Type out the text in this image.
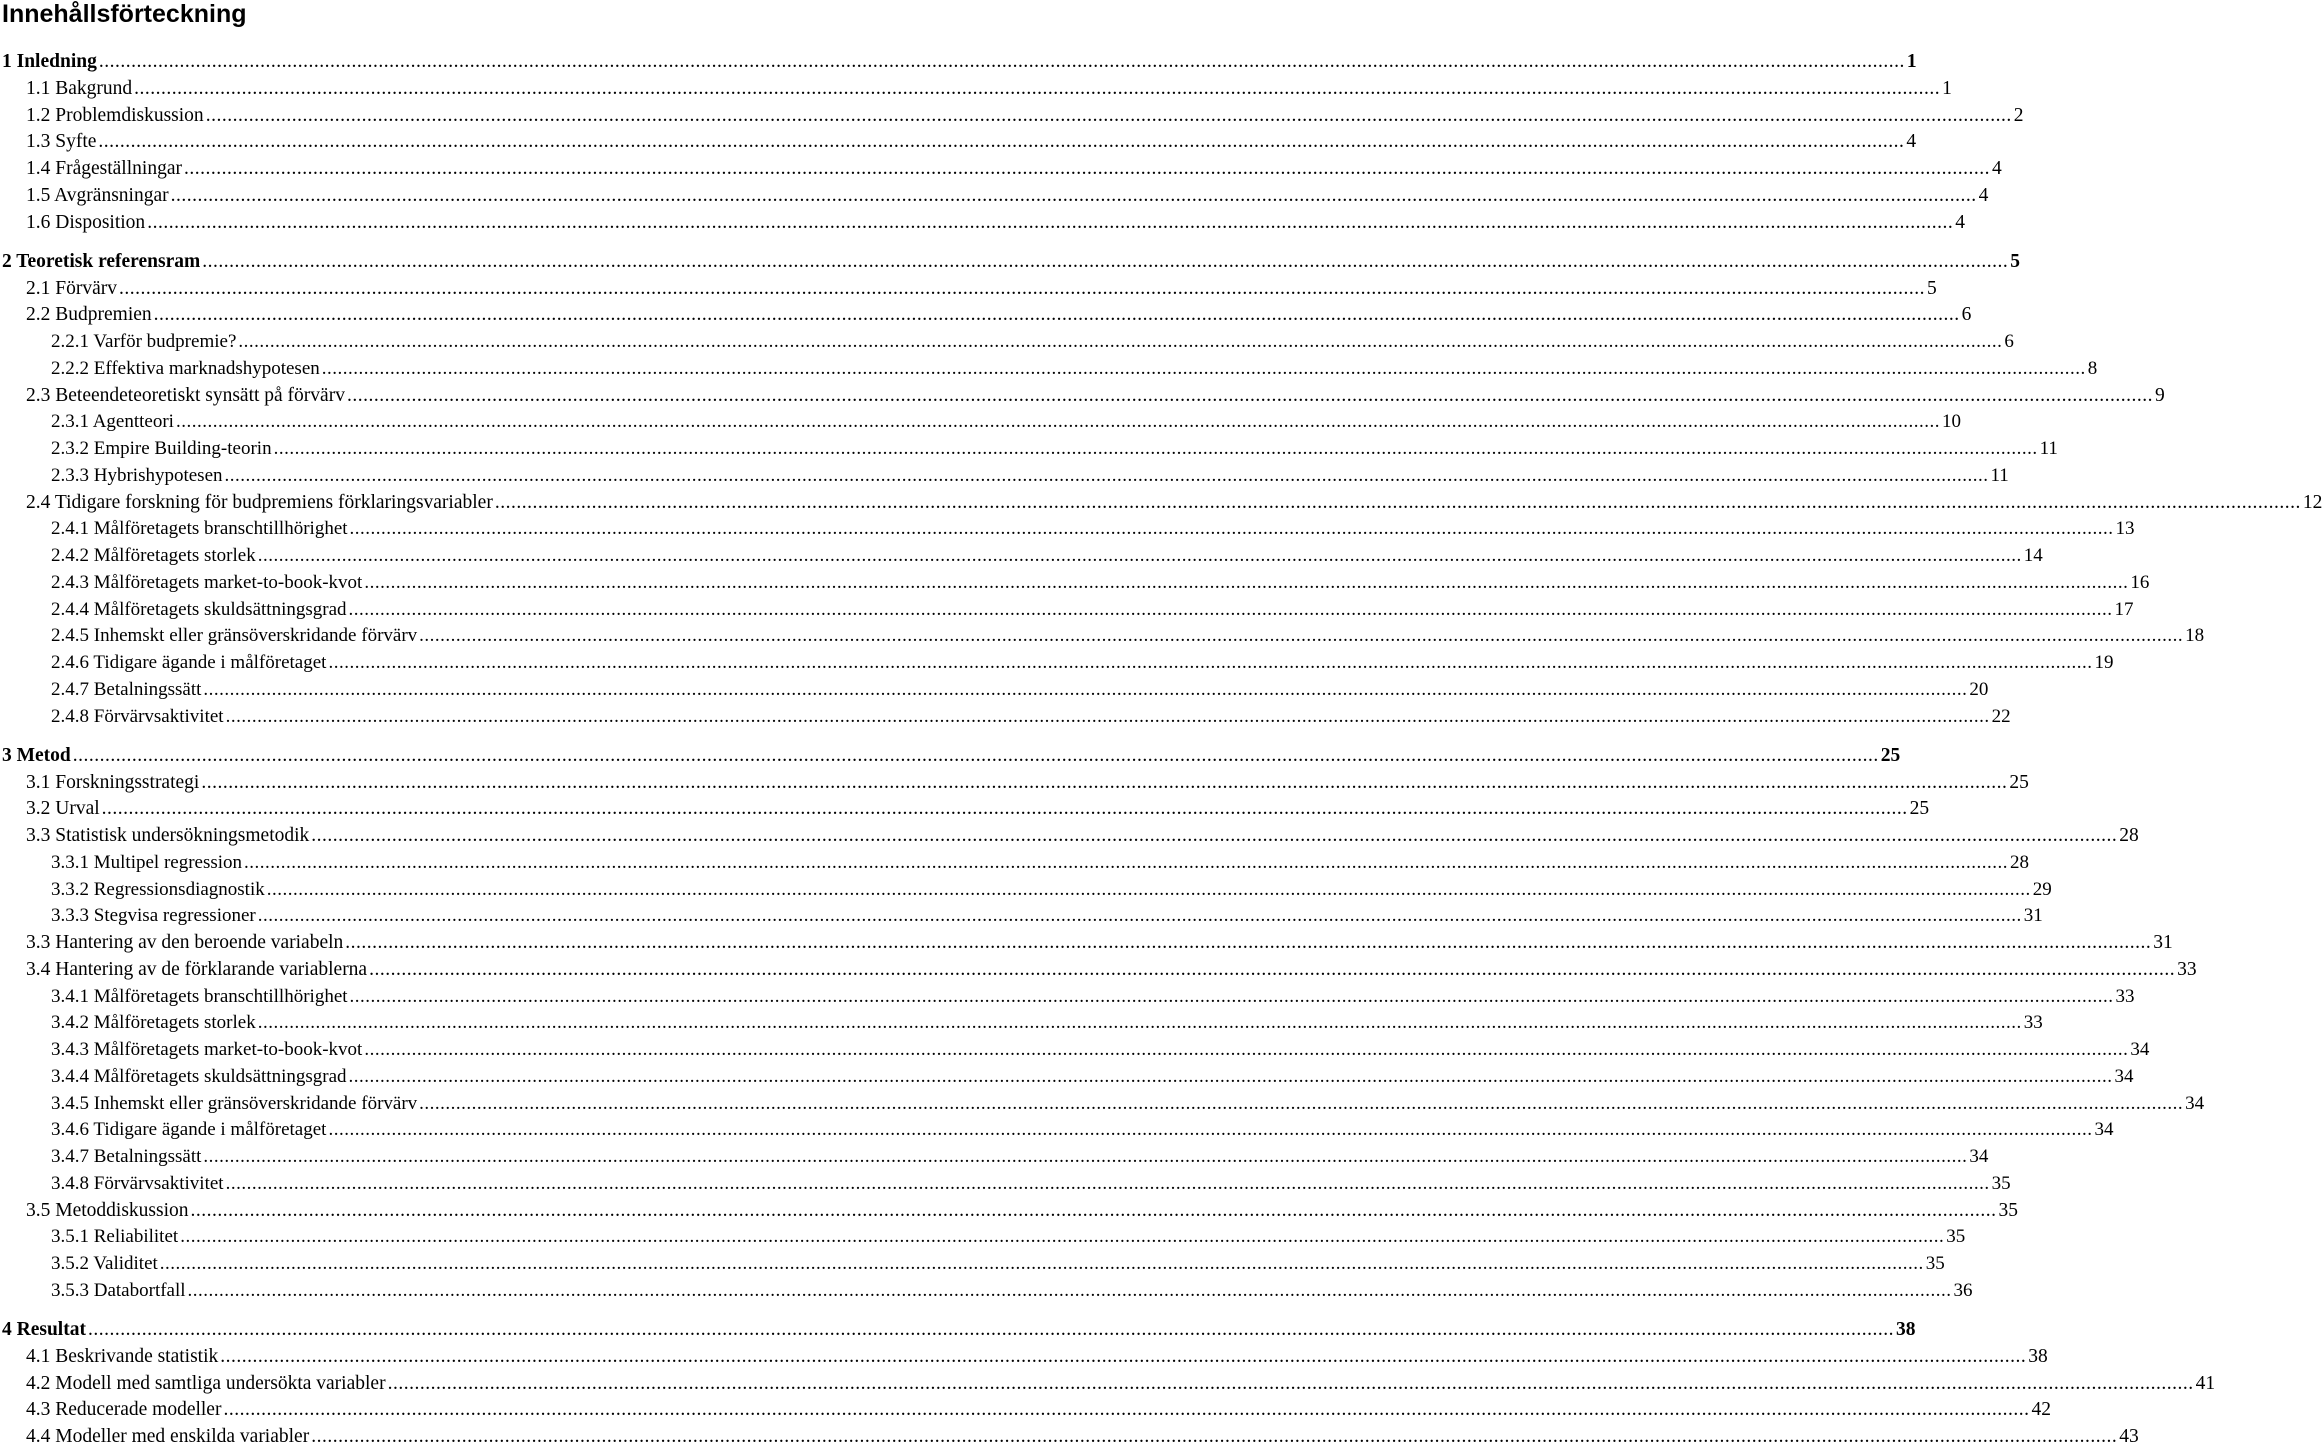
Innehållsförteckning
1 Inledning ................................................................................................................................................................................................................................................................................................................................................ 1
1.1 Bakgrund ................................................................................................................................................................................................................................................................................................................................................ 1
1.2 Problemdiskussion ................................................................................................................................................................................................................................................................................................................................................ 2
1.3 Syfte ................................................................................................................................................................................................................................................................................................................................................ 4
1.4 Frågeställningar ................................................................................................................................................................................................................................................................................................................................................ 4
1.5 Avgränsningar ................................................................................................................................................................................................................................................................................................................................................ 4
1.6 Disposition ................................................................................................................................................................................................................................................................................................................................................ 4
2 Teoretisk referensram ................................................................................................................................................................................................................................................................................................................................................ 5
2.1 Förvärv ................................................................................................................................................................................................................................................................................................................................................ 5
2.2 Budpremien ................................................................................................................................................................................................................................................................................................................................................ 6
2.2.1 Varför budpremie? ................................................................................................................................................................................................................................................................................................................................................ 6
2.2.2 Effektiva marknadshypotesen ................................................................................................................................................................................................................................................................................................................................................ 8
2.3 Beteendeteoretiskt synsätt på förvärv ................................................................................................................................................................................................................................................................................................................................................ 9
2.3.1 Agentteori ................................................................................................................................................................................................................................................................................................................................................ 10
2.3.2 Empire Building-teorin ................................................................................................................................................................................................................................................................................................................................................ 11
2.3.3 Hybrishypotesen ................................................................................................................................................................................................................................................................................................................................................ 11
2.4 Tidigare forskning för budpremiens förklaringsvariabler ................................................................................................................................................................................................................................................................................................................................................ 12
2.4.1 Målföretagets branschtillhörighet ................................................................................................................................................................................................................................................................................................................................................ 13
2.4.2 Målföretagets storlek ................................................................................................................................................................................................................................................................................................................................................ 14
2.4.3 Målföretagets market-to-book-kvot ................................................................................................................................................................................................................................................................................................................................................ 16
2.4.4 Målföretagets skuldsättningsgrad ................................................................................................................................................................................................................................................................................................................................................ 17
2.4.5 Inhemskt eller gränsöverskridande förvärv ................................................................................................................................................................................................................................................................................................................................................ 18
2.4.6 Tidigare ägande i målföretaget ................................................................................................................................................................................................................................................................................................................................................ 19
2.4.7 Betalningssätt ................................................................................................................................................................................................................................................................................................................................................ 20
2.4.8 Förvärvsaktivitet ................................................................................................................................................................................................................................................................................................................................................ 22
3 Metod ................................................................................................................................................................................................................................................................................................................................................ 25
3.1 Forskningsstrategi ................................................................................................................................................................................................................................................................................................................................................ 25
3.2 Urval ................................................................................................................................................................................................................................................................................................................................................ 25
3.3 Statistisk undersökningsmetodik ................................................................................................................................................................................................................................................................................................................................................ 28
3.3.1 Multipel regression ................................................................................................................................................................................................................................................................................................................................................ 28
3.3.2 Regressionsdiagnostik ................................................................................................................................................................................................................................................................................................................................................ 29
3.3.3 Stegvisa regressioner ................................................................................................................................................................................................................................................................................................................................................ 31
3.3 Hantering av den beroende variabeln ................................................................................................................................................................................................................................................................................................................................................ 31
3.4 Hantering av de förklarande variablerna ................................................................................................................................................................................................................................................................................................................................................ 33
3.4.1 Målföretagets branschtillhörighet ................................................................................................................................................................................................................................................................................................................................................ 33
3.4.2 Målföretagets storlek ................................................................................................................................................................................................................................................................................................................................................ 33
3.4.3 Målföretagets market-to-book-kvot ................................................................................................................................................................................................................................................................................................................................................ 34
3.4.4 Målföretagets skuldsättningsgrad ................................................................................................................................................................................................................................................................................................................................................ 34
3.4.5 Inhemskt eller gränsöverskridande förvärv ................................................................................................................................................................................................................................................................................................................................................ 34
3.4.6 Tidigare ägande i målföretaget ................................................................................................................................................................................................................................................................................................................................................ 34
3.4.7 Betalningssätt ................................................................................................................................................................................................................................................................................................................................................ 34
3.4.8 Förvärvsaktivitet ................................................................................................................................................................................................................................................................................................................................................ 35
3.5 Metoddiskussion ................................................................................................................................................................................................................................................................................................................................................ 35
3.5.1 Reliabilitet ................................................................................................................................................................................................................................................................................................................................................ 35
3.5.2 Validitet ................................................................................................................................................................................................................................................................................................................................................ 35
3.5.3 Databortfall ................................................................................................................................................................................................................................................................................................................................................ 36
4 Resultat ................................................................................................................................................................................................................................................................................................................................................ 38
4.1 Beskrivande statistik ................................................................................................................................................................................................................................................................................................................................................ 38
4.2 Modell med samtliga undersökta variabler ................................................................................................................................................................................................................................................................................................................................................ 41
4.3 Reducerade modeller ................................................................................................................................................................................................................................................................................................................................................ 42
4.4 Modeller med enskilda variabler ................................................................................................................................................................................................................................................................................................................................................ 43
